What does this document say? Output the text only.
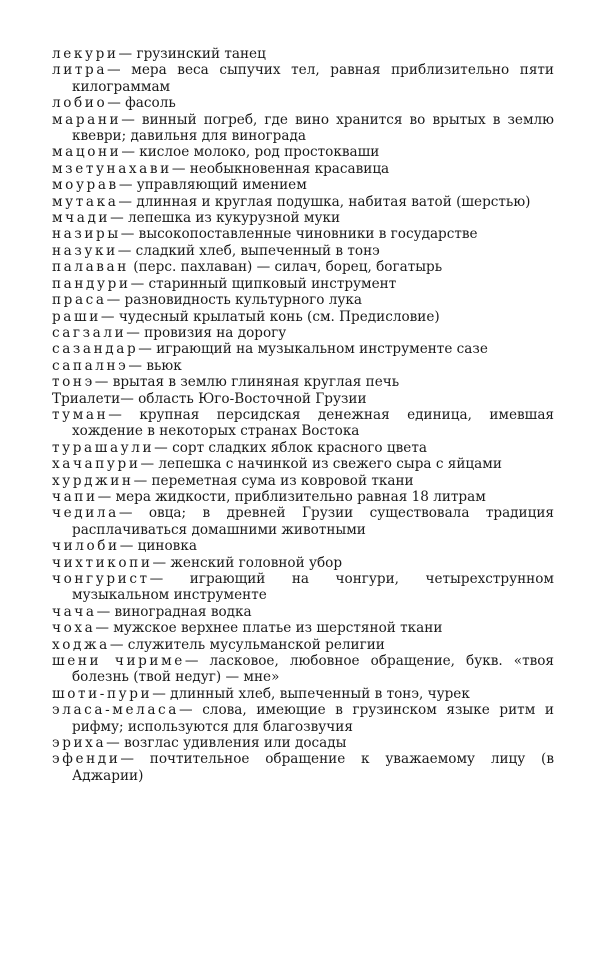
лекури— грузинский танец

литра— мера веса сыпучих тел, равная приблизительно пяти килограммам

лобио— фасоль

марани— винный погреб, где вино хранится во врытых в землю квеври; давильня для винограда

мацони— кислое молоко, род простокваши

мзетунахави— необыкновенная красавица

моурав— управляющий имением

мутака— длинная и круглая подушка, набитая ватой (шерстью)

мчади— лепешка из кукурузной муки

назиры— высокопоставленные чиновники в государстве

назуки— сладкий хлеб, выпеченный в тонэ

палаван (перс. пахлаван) — силач, борец, богатырь

пандури— старинный щипковый инструмент

праса— разновидность культурного лука

раши— чудесный крылатый конь (см. Предисловие)

сагзали— провизия на дорогу

сазандар— играющий на музыкальном инструменте сазе

сапалнэ— вьюк

тонэ— врытая в землю глиняная круглая печь

Триалети— область Юго-Восточной Грузии

туман— крупная персидская денежная единица, имевшая хождение в некоторых странах Востока

турашаули— сорт сладких яблок красного цвета

хачапури— лепешка с начинкой из свежего сыра с яйцами

хурджин— переметная сума из ковровой ткани

чапи— мера жидкости, приблизительно равная 18 литрам

чедила— овца; в древней Грузии существовала традиция расплачиваться домашними животными

чилоби— циновка

чихтикопи— женский головной убор

чонгурист— играющий на чонгури, четырехструнном музыкальном инструменте

чача— виноградная водка

чоха— мужское верхнее платье из шерстяной ткани

ходжа— служитель мусульманской религии

шени чириме— ласковое, любовное обращение, букв. «твоя болезнь (твой недуг) — мне»

шоти-пури— длинный хлеб, выпеченный в тонэ, чурек

эласа-меласа— слова, имеющие в грузинском языке ритм и рифму; используются для благозвучия

эриха— возглас удивления или досады

эфенди— почтительное обращение к уважаемому лицу (в Аджарии)
